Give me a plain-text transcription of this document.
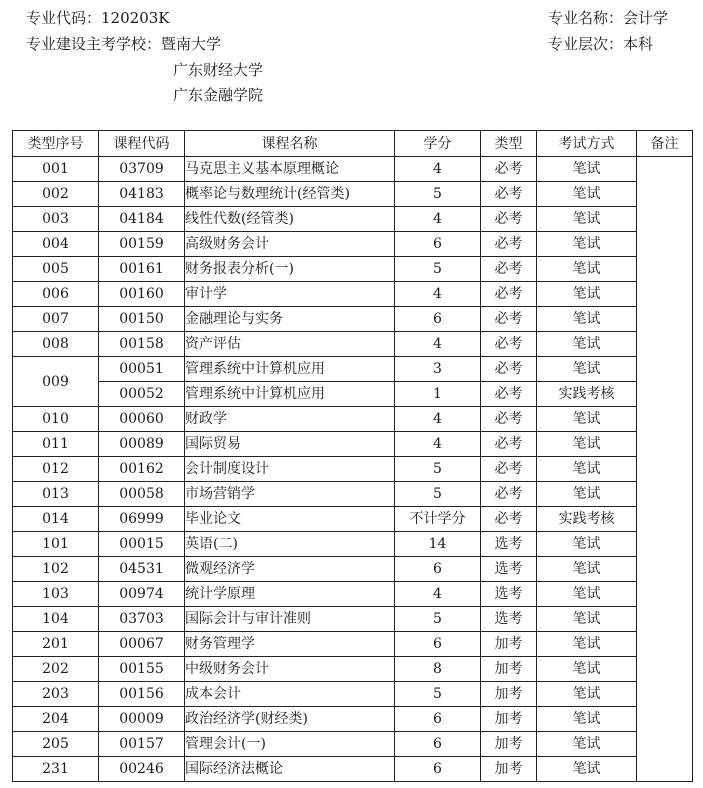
专业代码：120203K
专业建设主考学校：暨南大学
广东财经大学
广东金融学院
专业名称：会计学
专业层次：本科
类型序号	课程代码	课程名称	学分	类型	考试方式	备注
001	03709	马克思主义基本原理概论	4	必考	笔试	
002	04183	概率论与数理统计(经管类)	5	必考	笔试	
003	04184	线性代数(经管类)	4	必考	笔试	
004	00159	高级财务会计	6	必考	笔试	
005	00161	财务报表分析(一)	5	必考	笔试	
006	00160	审计学	4	必考	笔试	
007	00150	金融理论与实务	6	必考	笔试	
008	00158	资产评估	4	必考	笔试	
009	00051	管理系统中计算机应用	3	必考	笔试	
	00052	管理系统中计算机应用	1	必考	实践考核	
010	00060	财政学	4	必考	笔试	
011	00089	国际贸易	4	必考	笔试	
012	00162	会计制度设计	5	必考	笔试	
013	00058	市场营销学	5	必考	笔试	
014	06999	毕业论文	不计学分	必考	实践考核	
101	00015	英语(二)	14	选考	笔试	
102	04531	微观经济学	6	选考	笔试	
103	00974	统计学原理	4	选考	笔试	
104	03703	国际会计与审计准则	5	选考	笔试	
201	00067	财务管理学	6	加考	笔试	
202	00155	中级财务会计	8	加考	笔试	
203	00156	成本会计	5	加考	笔试	
204	00009	政治经济学(财经类)	6	加考	笔试	
205	00157	管理会计(一)	6	加考	笔试	
231	00246	国际经济法概论	6	加考	笔试	
